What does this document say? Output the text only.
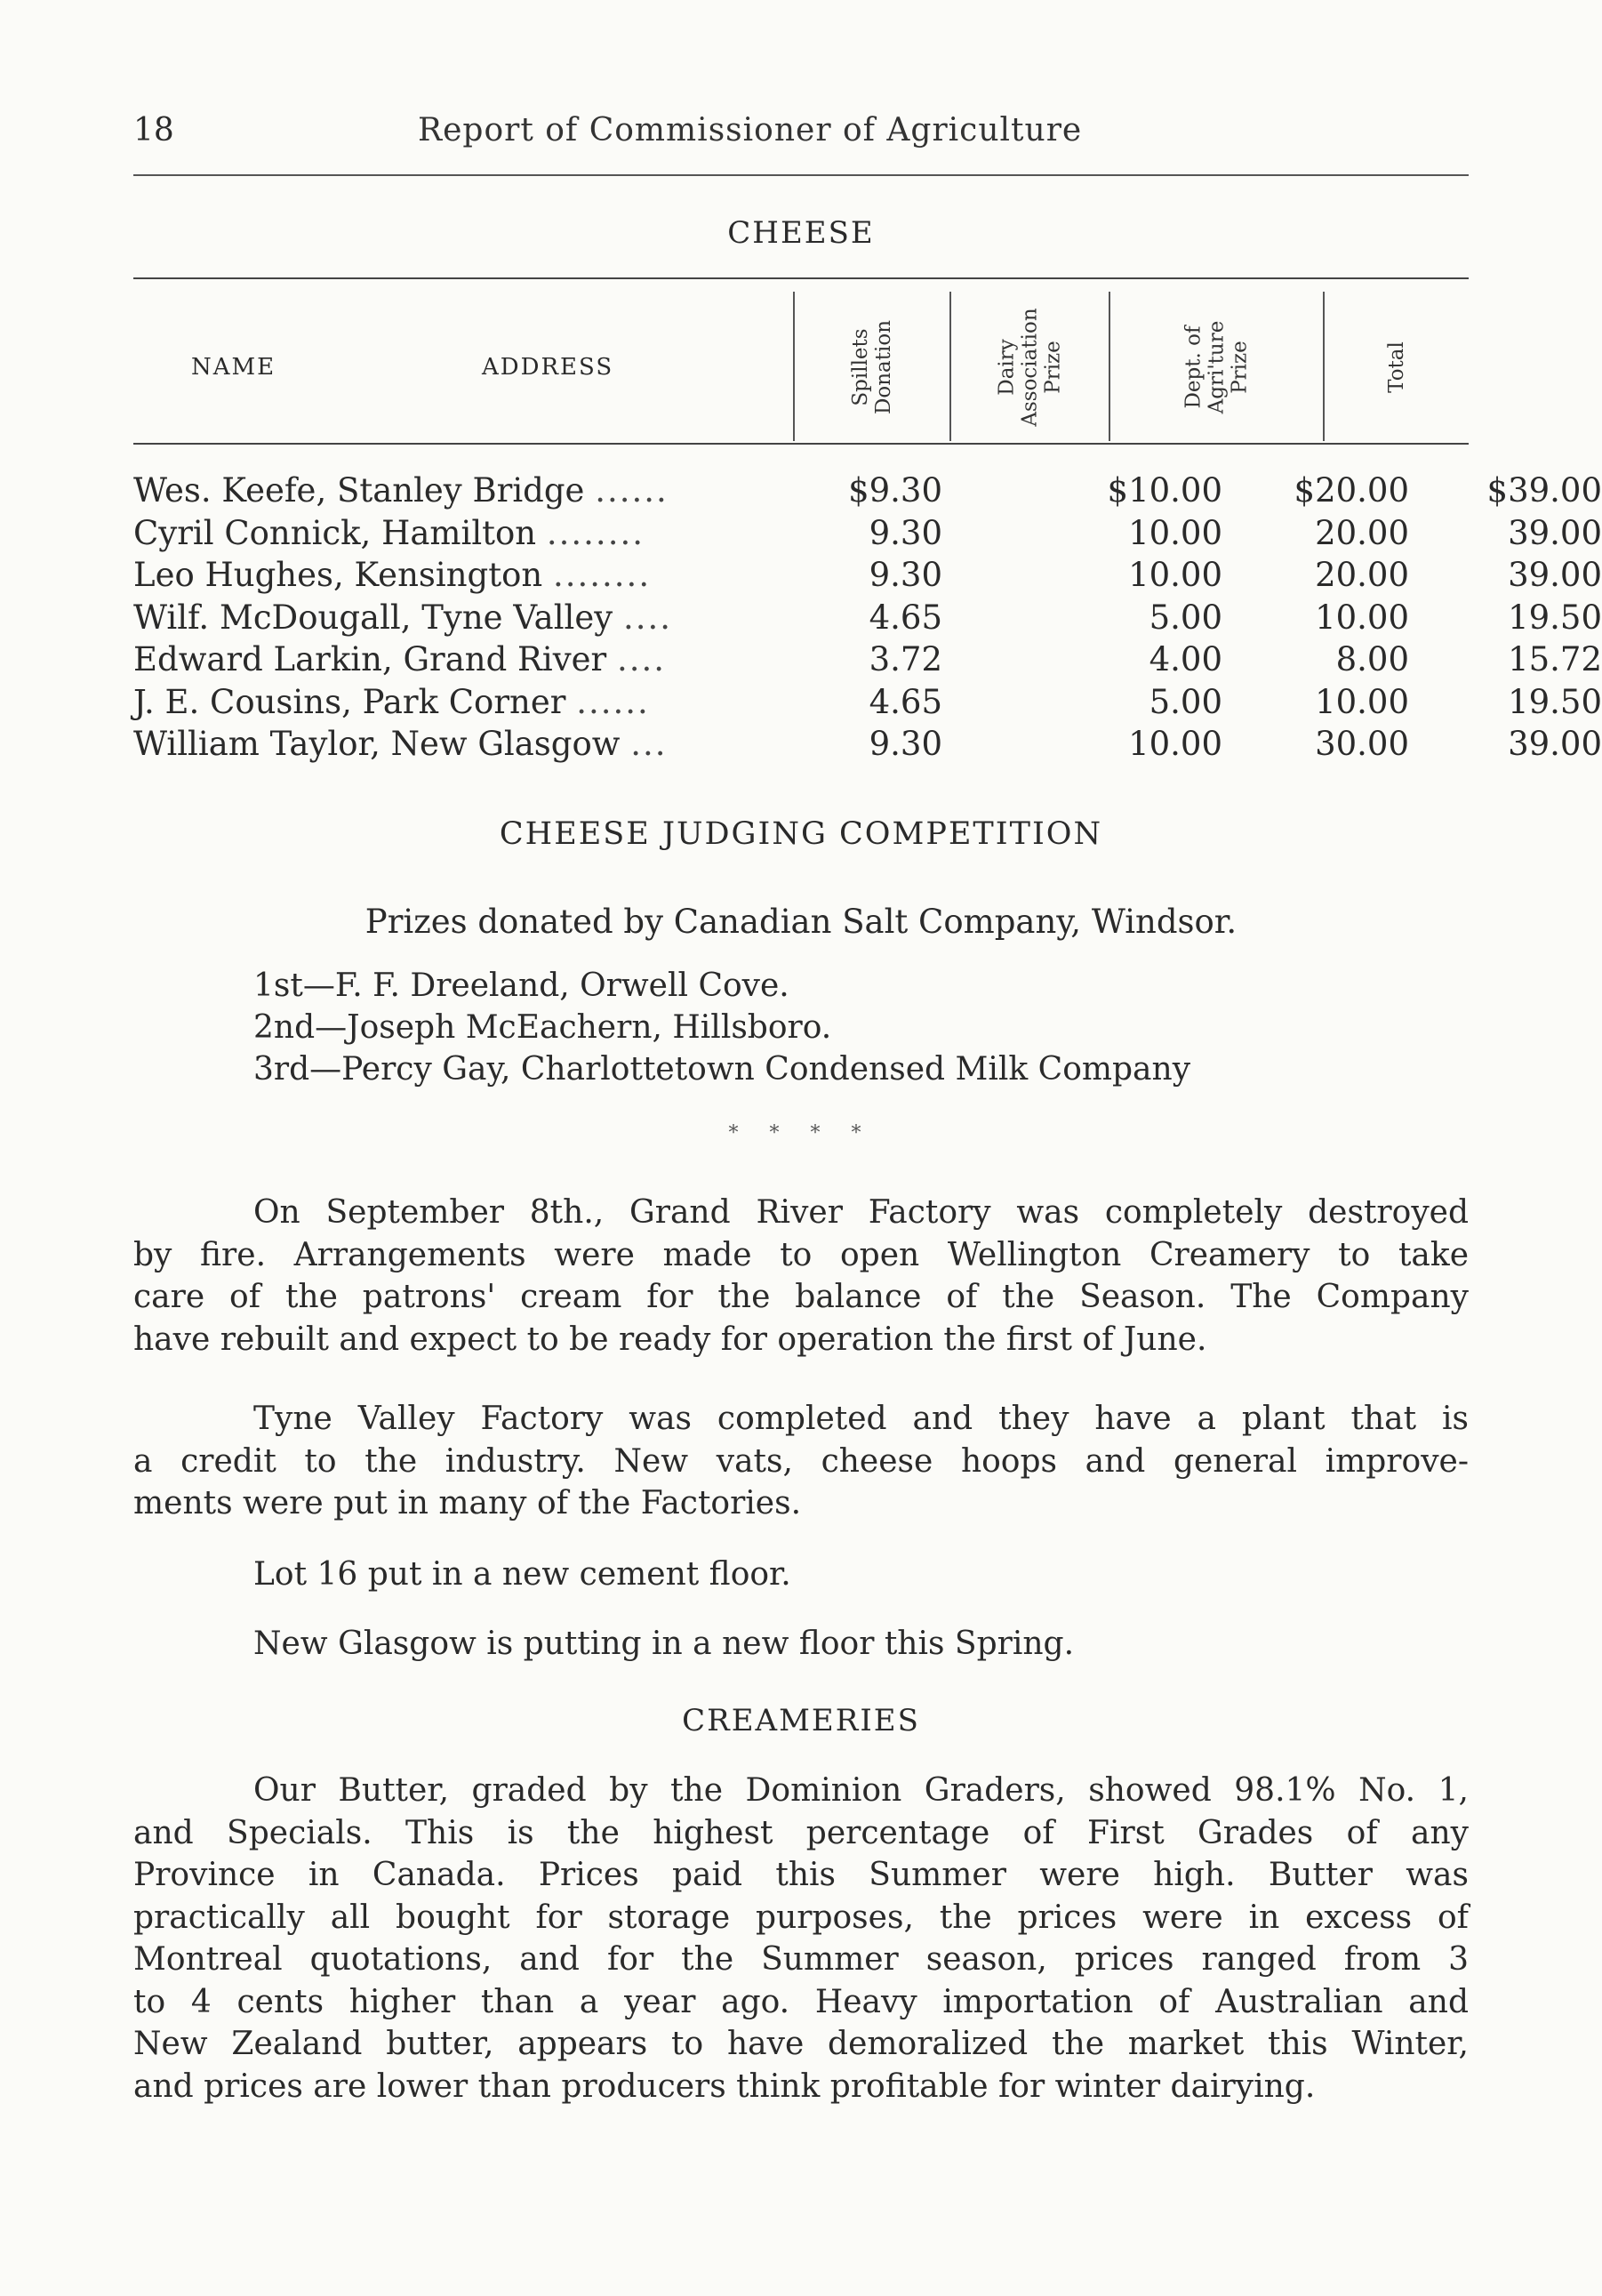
18	Report of Commissioner of Agriculture
CHEESE
NAME	ADDRESS	Spillets Donation	Dairy Association Prize	Dept. of Agri'ture Prize	Total
Wes. Keefe, Stanley Bridge ......	$9.30	$10.00	$20.00	$39.00
Cyril Connick, Hamilton ........	9.30	10.00	20.00	39.00
Leo Hughes, Kensington ........	9.30	10.00	20.00	39.00
Wilf. McDougall, Tyne Valley ....	4.65	5.00	10.00	19.50
Edward Larkin, Grand River ....	3.72	4.00	8.00	15.72
J. E. Cousins, Park Corner ......	4.65	5.00	10.00	19.50
William Taylor, New Glasgow ...	9.30	10.00	30.00	39.00
CHEESE JUDGING COMPETITION
Prizes donated by Canadian Salt Company, Windsor.
1st—F. F. Dreeland, Orwell Cove.
2nd—Joseph McEachern, Hillsboro.
3rd—Percy Gay, Charlottetown Condensed Milk Company
* * * *
On September 8th., Grand River Factory was completely destroyed
by fire. Arrangements were made to open Wellington Creamery to take
care of the patrons' cream for the balance of the Season. The Company
have rebuilt and expect to be ready for operation the first of June.
Tyne Valley Factory was completed and they have a plant that is
a credit to the industry. New vats, cheese hoops and general improve-
ments were put in many of the Factories.
Lot 16 put in a new cement floor.
New Glasgow is putting in a new floor this Spring.
CREAMERIES
Our Butter, graded by the Dominion Graders, showed 98.1% No. 1,
and Specials. This is the highest percentage of First Grades of any
Province in Canada. Prices paid this Summer were high. Butter was
practically all bought for storage purposes, the prices were in excess of
Montreal quotations, and for the Summer season, prices ranged from 3
to 4 cents higher than a year ago. Heavy importation of Australian and
New Zealand butter, appears to have demoralized the market this Winter,
and prices are lower than producers think profitable for winter dairying.
